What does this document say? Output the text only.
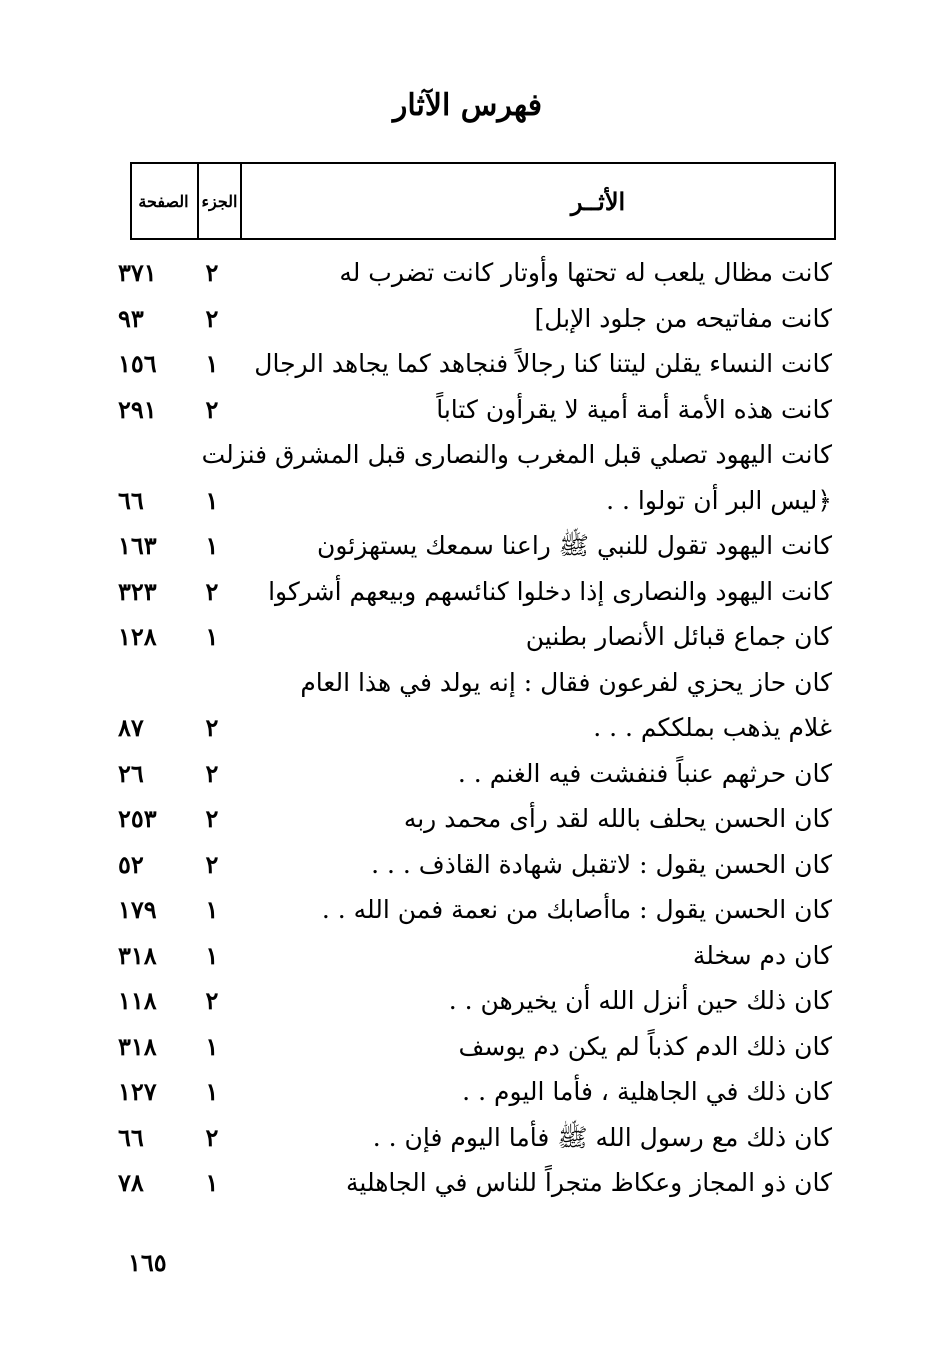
فهرس الآثار
الأثــر
الجزء
الصفحة
كانت مظال يلعب له تحتها وأوتار كانت تضرب له
٢
٣٧١
كانت مفاتيحه من جلود الإبل]
٢
٩٣
كانت النساء يقلن ليتنا كنا رجالاً فنجاهد كما يجاهد الرجال
١
١٥٦
كانت هذه الأمة أمة أمية لا يقرأون كتاباً
٢
٢٩١
كانت اليهود تصلي قبل المغرب والنصارى قبل المشرق فنزلت
﴿ليس البر أن تولوا . .
١
٦٦
كانت اليهود تقول للنبي ﷺ راعنا سمعك يستهزئون
١
١٦٣
كانت اليهود والنصارى إذا دخلوا كنائسهم وبيعهم أشركوا
٢
٣٢٣
كان جماع قبائل الأنصار بطنين
١
١٢٨
كان حاز يحزي لفرعون فقال : إنه يولد في هذا العام
غلام يذهب بملككم . . .
٢
٨٧
كان حرثهم عنباً فنفشت فيه الغنم . .
٢
٢٦
كان الحسن يحلف بالله لقد رأى محمد ربه
٢
٢٥٣
كان الحسن يقول : لاتقبل شهادة القاذف . . .
٢
٥٢
كان الحسن يقول : ماأصابك من نعمة فمن الله . .
١
١٧٩
كان دم سخلة
١
٣١٨
كان ذلك حين أنزل الله أن يخيرهن . .
٢
١١٨
كان ذلك الدم كذباً لم يكن دم يوسف
١
٣١٨
كان ذلك في الجاهلية ، فأما اليوم . .
١
١٢٧
كان ذلك مع رسول الله ﷺ فأما اليوم فإن . .
٢
٦٦
كان ذو المجاز وعكاظ متجراً للناس في الجاهلية
١
٧٨
١٦٥
